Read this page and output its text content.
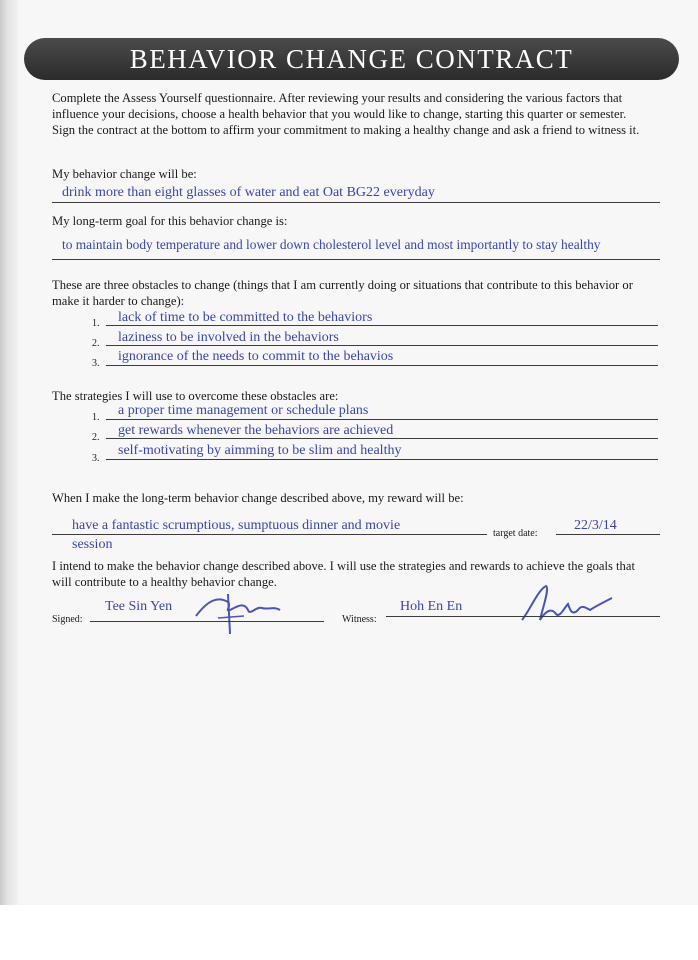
BEHAVIOR CHANGE CONTRACT
Complete the Assess Yourself questionnaire. After reviewing your results and considering the various factors that influence your decisions, choose a health behavior that you would like to change, starting this quarter or semester. Sign the contract at the bottom to affirm your commitment to making a healthy change and ask a friend to witness it.
My behavior change will be:
drink more than eight glasses of water and eat Oat BG22 everyday
My long-term goal for this behavior change is:
to maintain body temperature and lower down cholesterol level and most importantly to stay healthy
These are three obstacles to change (things that I am currently doing or situations that contribute to this behavior or make it harder to change):
1. lack of time to be committed to the behaviors
2. laziness to be involved in the behaviors
3. ignorance of the needs to commit to the behavios
The strategies I will use to overcome these obstacles are:
1. a proper time management or schedule plans
2. get rewards whenever the behaviors are achieved
3.
self-motivating by aimming to be slim and healthy
When I make the long-term behavior change described above, my reward will be:
have a fantastic scrumptious, sumptuous dinner and movie
session
target date:
22/3/14
I intend to make the behavior change described above. I will use the strategies and rewards to achieve the goals that will contribute to a healthy behavior change.
Signed:
Tee Sin Yen
Witness:
Hoh En En
